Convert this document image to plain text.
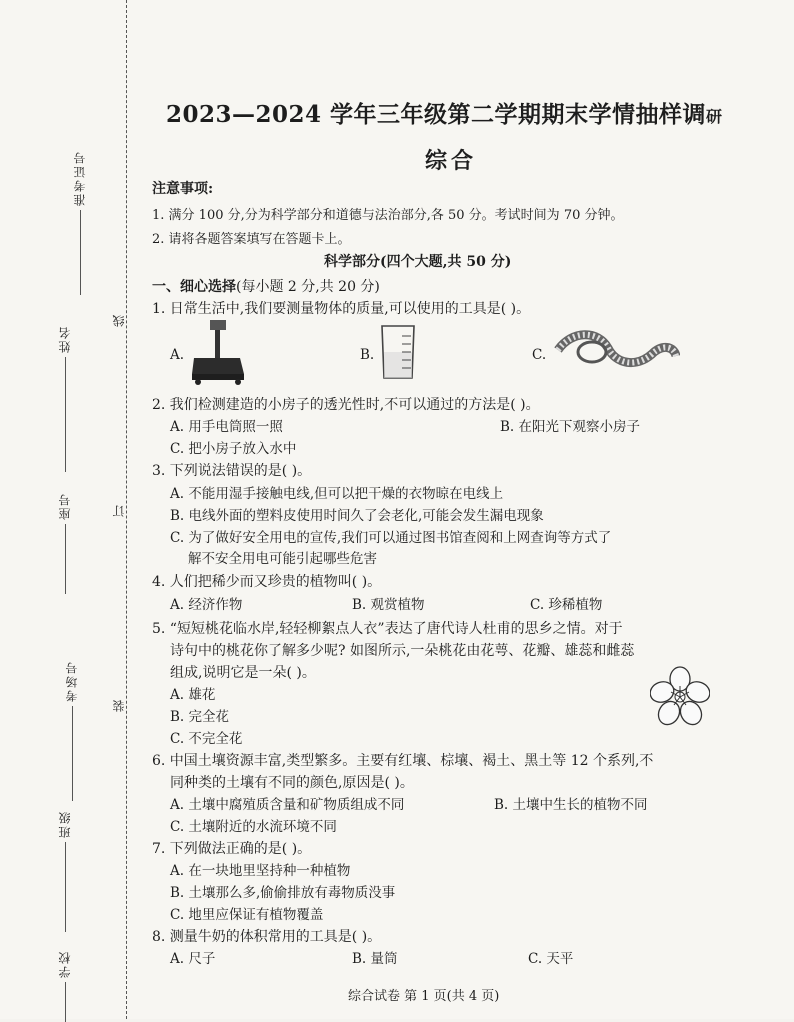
准考证号
姓名
座号
考场号
班级
学校
线
订
装
2023—2024 学年三年级第二学期期末学情抽样调研
综合
注意事项:
1. 满分 100 分,分为科学部分和道德与法治部分,各 50 分。考试时间为 70 分钟。
2. 请将各题答案填写在答题卡上。
科学部分(四个大题,共 50 分)
一、细心选择(每小题 2 分,共 20 分)
1. 日常生活中,我们要测量物体的质量,可以使用的工具是( )。
A.	B.	C.
2. 我们检测建造的小房子的透光性时,不可以通过的方法是( )。
A. 用手电筒照一照	B. 在阳光下观察小房子
C. 把小房子放入水中
3. 下列说法错误的是( )。
A. 不能用湿手接触电线,但可以把干燥的衣物晾在电线上
B. 电线外面的塑料皮使用时间久了会老化,可能会发生漏电现象
C. 为了做好安全用电的宣传,我们可以通过图书馆查阅和上网查询等方式了
解不安全用电可能引起哪些危害
4. 人们把稀少而又珍贵的植物叫( )。
A. 经济作物	B. 观赏植物	C. 珍稀植物
5. “短短桃花临水岸,轻轻柳絮点人衣”表达了唐代诗人杜甫的思乡之情。对于
诗句中的桃花你了解多少呢? 如图所示,一朵桃花由花萼、花瓣、雄蕊和雌蕊
组成,说明它是一朵( )。
A. 雄花
B. 完全花
C. 不完全花
6. 中国土壤资源丰富,类型繁多。主要有红壤、棕壤、褐土、黑土等 12 个系列,不
同种类的土壤有不同的颜色,原因是( )。
A. 土壤中腐殖质含量和矿物质组成不同	B. 土壤中生长的植物不同
C. 土壤附近的水流环境不同
7. 下列做法正确的是( )。
A. 在一块地里坚持种一种植物
B. 土壤那么多,偷偷排放有毒物质没事
C. 地里应保证有植物覆盖
8. 测量牛奶的体积常用的工具是( )。
A. 尺子	B. 量筒	C. 天平
综合试卷 第 1 页(共 4 页)
